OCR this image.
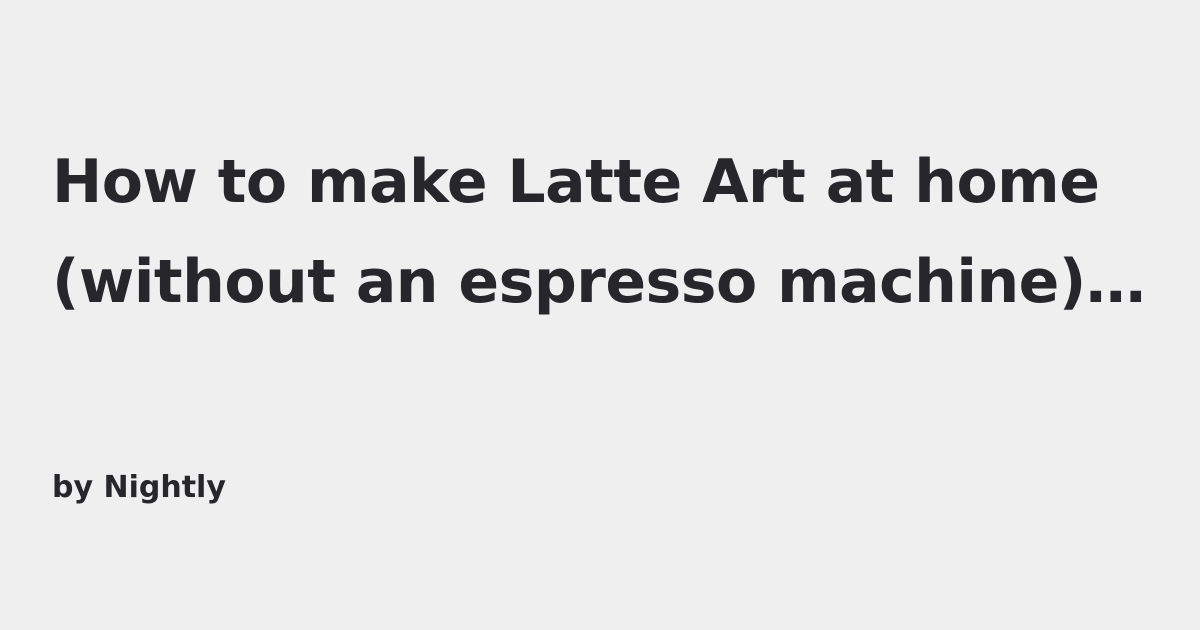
How to make Latte Art at home
(without an espresso machine)…

by Nightly
